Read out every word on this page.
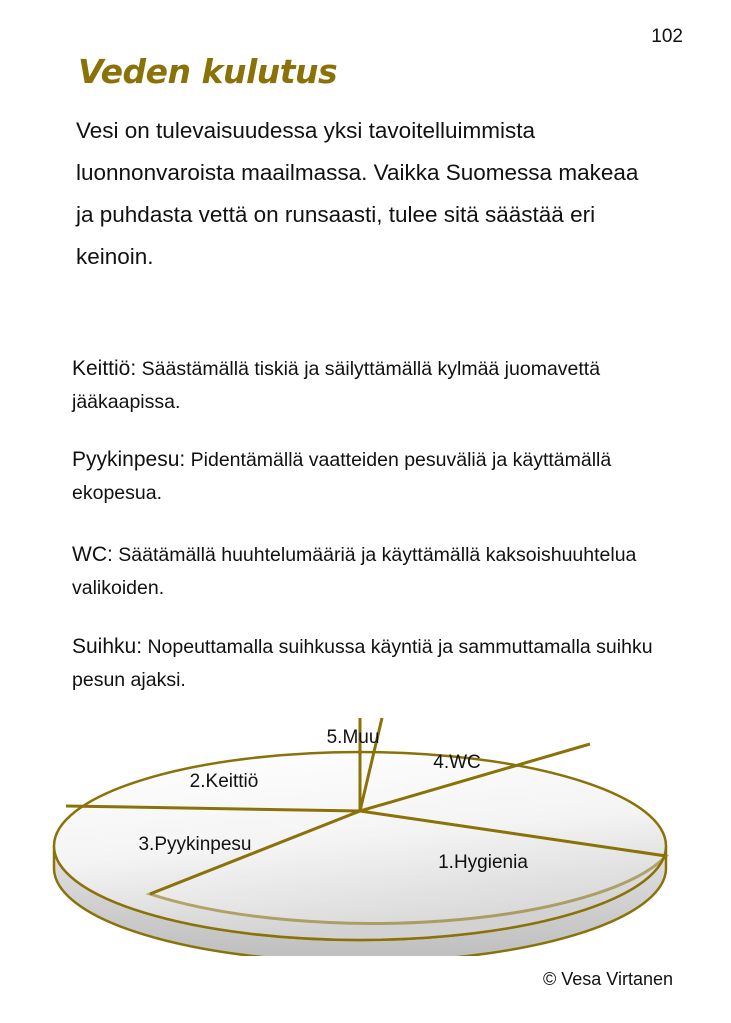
102
Veden kulutus
Vesi on tulevaisuudessa yksi tavoitelluimmista luonnonvaroista maailmassa. Vaikka Suomessa makeaa ja puhdasta vettä on runsaasti, tulee sitä säästää eri keinoin.
Keittiö: Säästämällä tiskiä ja säilyttämällä kylmää juomavettä jääkaapissa.
Pyykinpesu: Pidentämällä vaatteiden pesuväliä ja käyttämällä ekopesua.
WC: Säätämällä huuhtelumääriä ja käyttämällä kaksoishuuhtelua valikoiden.
Suihku: Nopeuttamalla suihkussa käyntiä ja sammuttamalla suihku pesun ajaksi.
1.Hygienia
2.Keittiö
3.Pyykinpesu
4.WC
5.Muu
© Vesa Virtanen
